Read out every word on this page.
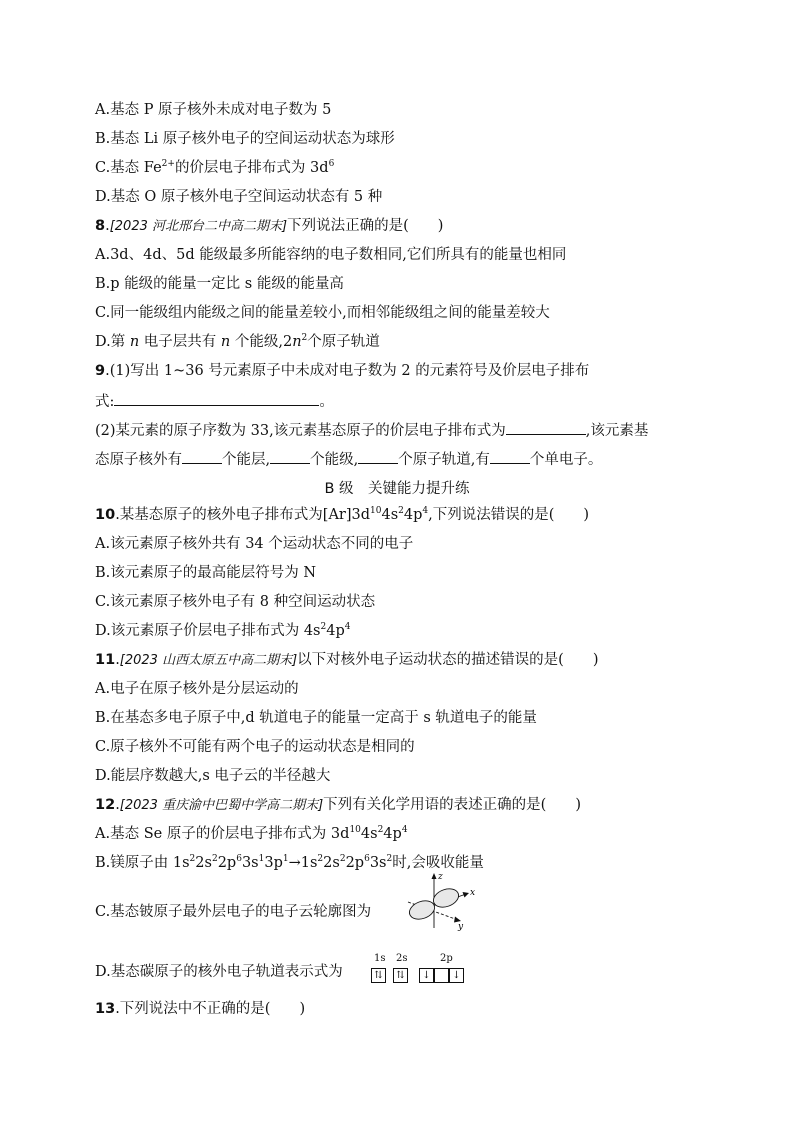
A.基态 P 原子核外未成对电子数为 5
B.基态 Li 原子核外电子的空间运动状态为球形
C.基态 $Fe^{2+}$的价层电子排布式为 $3d^6$
D.基态 O 原子核外电子空间运动状态有 5 种
8.[2023 河北邢台二中高二期末]下列说法正确的是(　　)
A.3d、4d、5d 能级最多所能容纳的电子数相同,它们所具有的能量也相同
B.p 能级的能量一定比 s 能级的能量高
C.同一能级组内能级之间的能量差较小,而相邻能级组之间的能量差较大
D.第 n 电子层共有 n 个能级$,2n^2$个原子轨道
9.(1)写出 1~36 号元素原子中未成对电子数为 2 的元素符号及价层电子排布
式:	。
(2)某元素的原子序数为 33,该元素基态原子的价层电子排布式为	,该元素基
态原子核外有	个能层,	个能级,	个原子轨道,有	个单电子。
B 级　关键能力提升练
10.某基态原子的核外电子排布式为$[Ar]3d^{10}4s^24p^4$,下列说法错误的是(　　)
A.该元素原子核外共有 34 个运动状态不同的电子
B.该元素原子的最高能层符号为 N
C.该元素原子核外电子有 8 种空间运动状态
D.该元素原子价层电子排布式为 $4s^24p^4$
11.[2023 山西太原五中高二期末]以下对核外电子运动状态的描述错误的是(　　)
A.电子在原子核外是分层运动的
B.在基态多电子原子中,d 轨道电子的能量一定高于 s 轨道电子的能量
C.原子核外不可能有两个电子的运动状态是相同的
D.能层序数越大,s 电子云的半径越大
12.[2023 重庆渝中巴蜀中学高二期末]下列有关化学用语的表述正确的是(　　)
A.基态 Se 原子的价层电子排布式为 $3d^{10}4s^24p^4$
B.镁原子由 $1s^22s^22p^63s^13p^1\to 1s^22s^22p^63s^2$时,会吸收能量
C.基态铍原子最外层电子的电子云轮廓图为
z
x
y
D.基态碳原子的核外电子轨道表示式为
1s 2s	2p
⇅	⇅	↓	↓
13.下列说法中不正确的是(　　)
